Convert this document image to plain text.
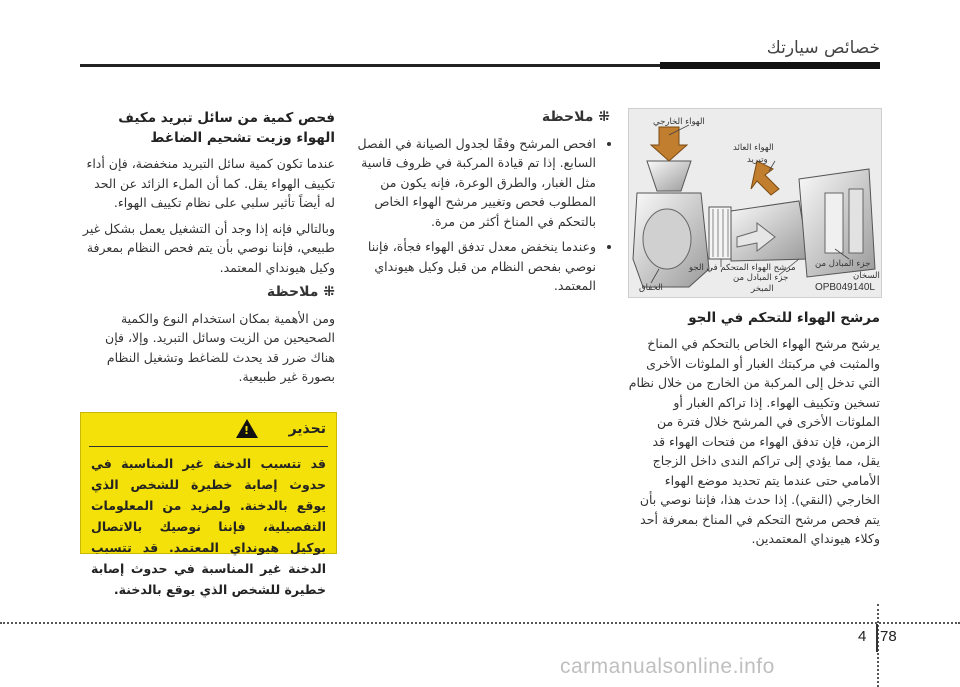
خصائص سيارتك

فحص كمية من سائل تبريد مكيف الهواء وزيت تشحيم الضاغط

عندما تكون كمية سائل التبريد منخفضة، فإن أداء تكييف الهواء يقل. كما أن الملء الزائد عن الحد له أيضاً تأثير سلبي على نظام تكييف الهواء.

وبالتالي فإنه إذا وجد أن التشغيل يعمل بشكل غير طبيعي، فإننا نوصي بأن يتم فحص النظام بمعرفة وكيل هيونداي المعتمد.

⁜ ملاحظة

ومن الأهمية بمكان استخدام النوع والكمية الصحيحين من الزيت وسائل التبريد. وإلا، فإن هناك ضرر قد يحدث للضاغط وتشغيل النظام بصورة غير طبيعية.

تحذير
!
قد تتسبب الدخنة غير المناسبة في حدوث إصابة خطيرة للشخص الذي يوقع بالدخنة. ولمزيد من المعلومات التفصيلية، فإننا نوصيك بالاتصال بوكيل هيونداي المعتمد. قد تتسبب الدخنة غير المناسبة في حدوث إصابة خطيرة للشخص الذي يوقع بالدخنة.

⁜ ملاحظة

• افحص المرشح وفقًا لجدول الصيانة في الفصل السابع. إذا تم قيادة المركبة في ظروف قاسية مثل الغبار، والطرق الوعرة، فإنه يكون من المطلوب فحص وتغيير مرشح الهواء الخاص بالتحكم في المناخ أكثر من مرة.
• وعندما ينخفض معدل تدفق الهواء فجأة، فإننا نوصي بفحص النظام من قبل وكيل هيونداي المعتمد.
الهواء الخارجي
الهواء العائد
وتبريد
مرشح الهواء المتحكم في الجو
جزء المبادل من
المبخر
جزء المبادل من
السخان
الخفاق	OPB049140L

مرشح الهواء للتحكم في الجو

يرشح مرشح الهواء الخاص بالتحكم في المناخ والمثبت في مركبتك الغبار أو الملوثات الأخرى التي تدخل إلى المركبة من الخارج من خلال نظام تسخين وتكييف الهواء. إذا تراكم الغبار أو الملوثات الأخرى في المرشح خلال فترة من الزمن، فإن تدفق الهواء من فتحات الهواء قد يقل، مما يؤدي إلى تراكم الندى داخل الزجاج الأمامي حتى عندما يتم تحديد موضع الهواء الخارجي (النقي). إذا حدث هذا، فإننا نوصي بأن يتم فحص مرشح التحكم في المناخ بمعرفة أحد وكلاء هيونداي المعتمدين.

4 78
carmanualsonline.info
